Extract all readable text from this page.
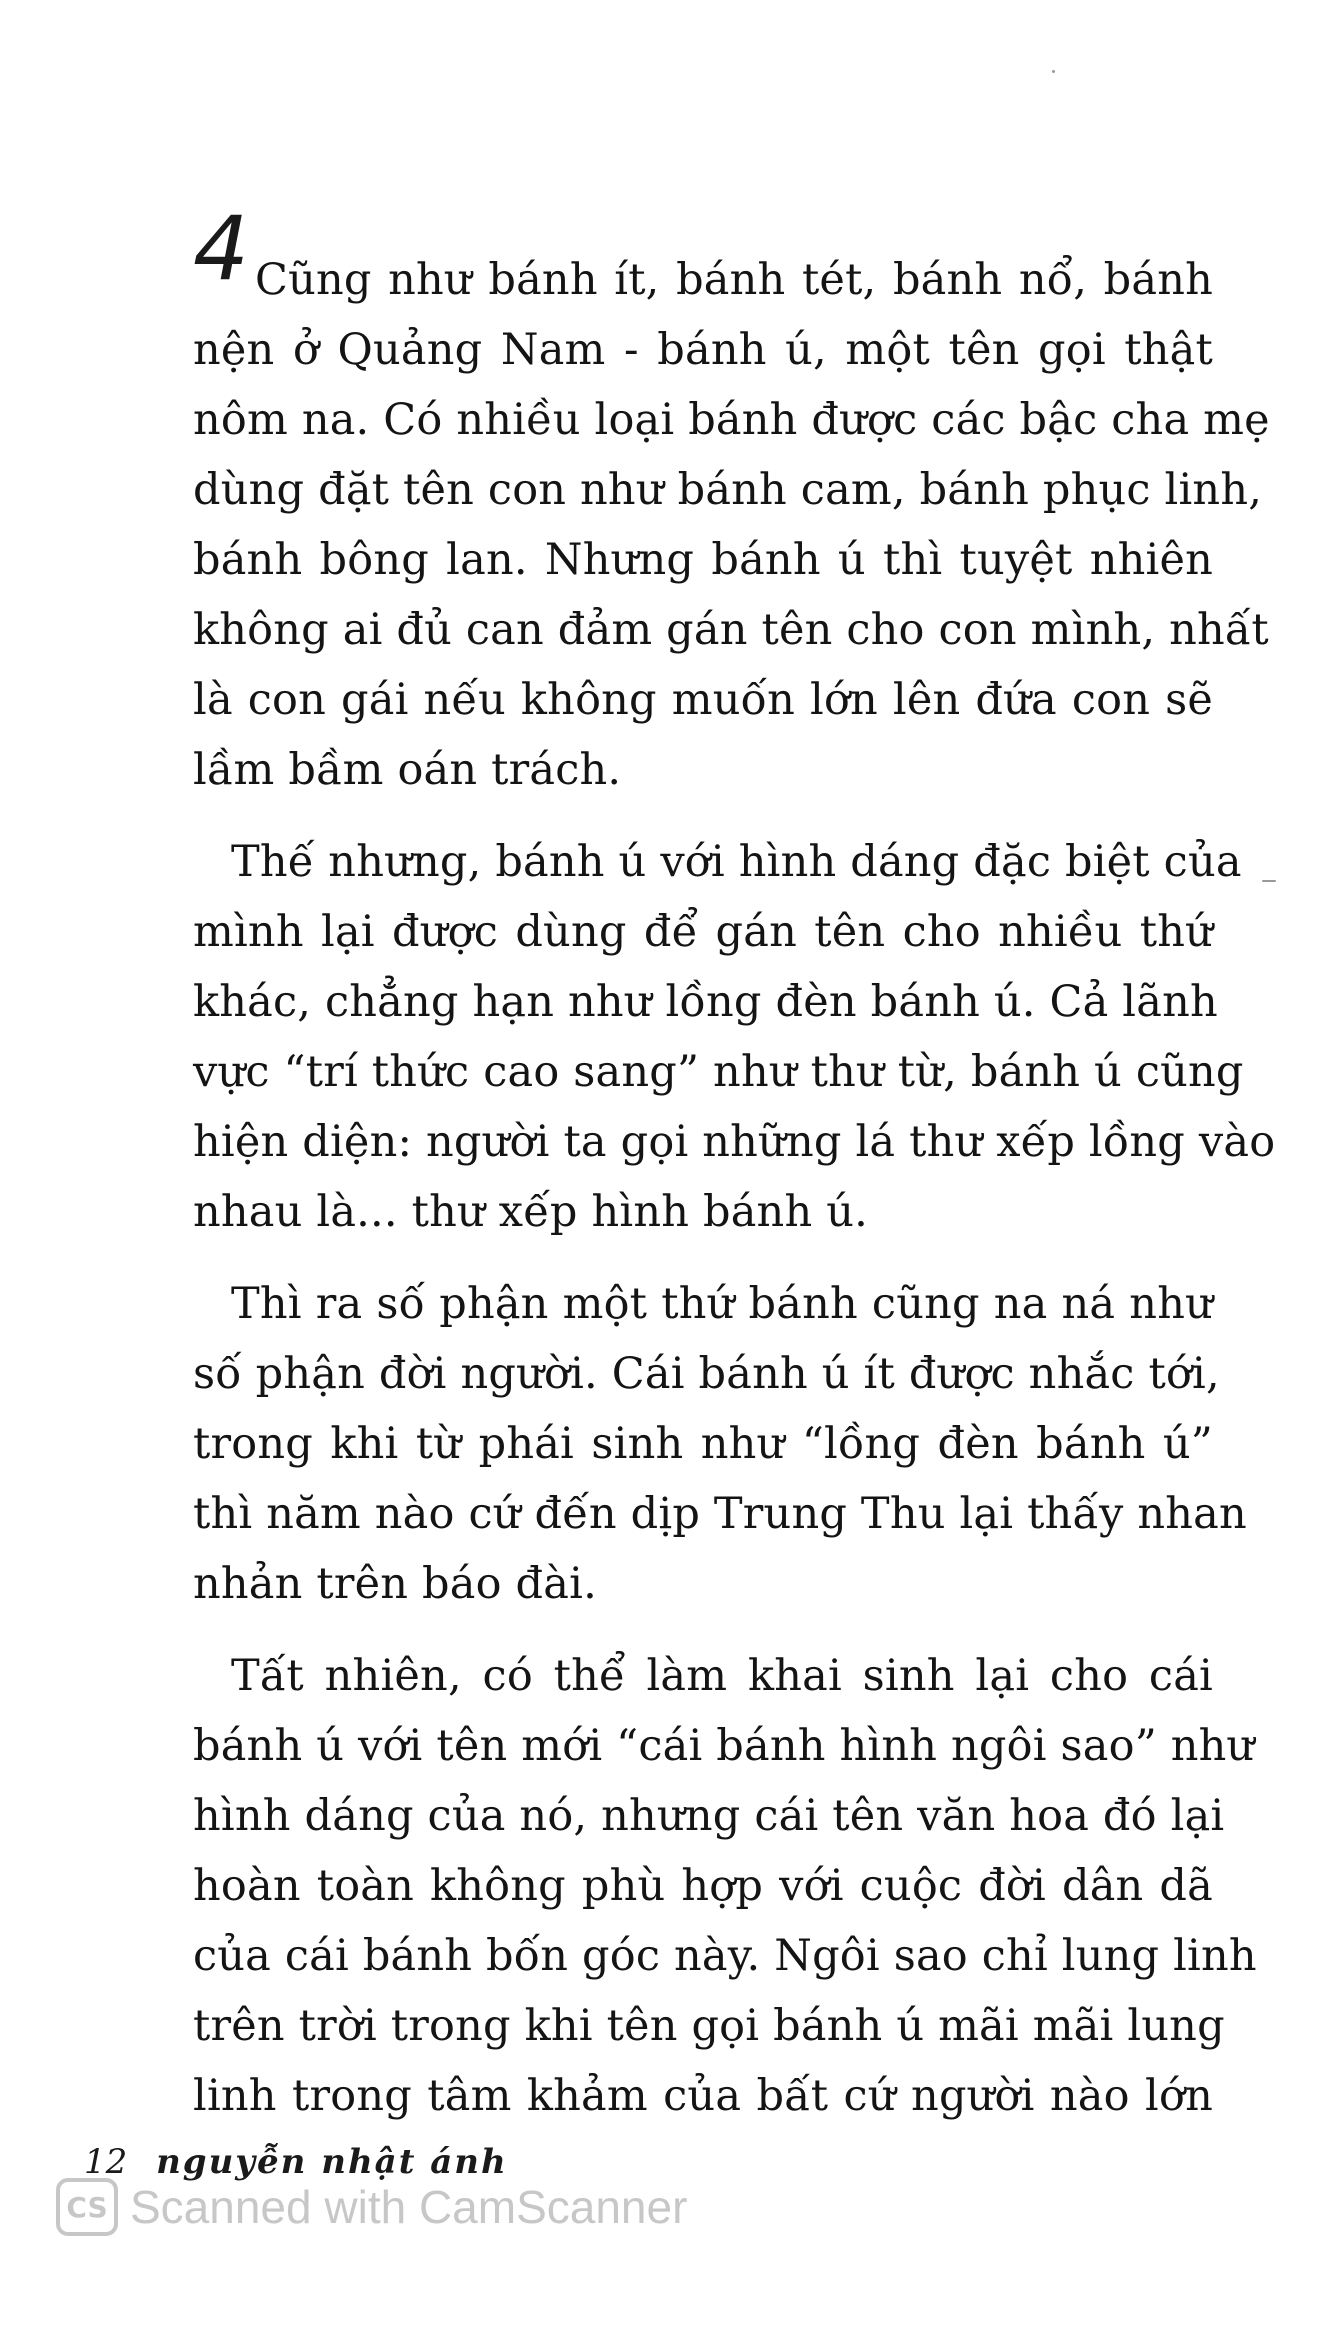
4 Cũng như bánh ít, bánh tét, bánh nổ, bánh
nện ở Quảng Nam - bánh ú, một tên gọi thật
nôm na. Có nhiều loại bánh được các bậc cha mẹ
dùng đặt tên con như bánh cam, bánh phục linh,
bánh bông lan. Nhưng bánh ú thì tuyệt nhiên
không ai đủ can đảm gán tên cho con mình, nhất
là con gái nếu không muốn lớn lên đứa con sẽ
lầm bầm oán trách.

Thế nhưng, bánh ú với hình dáng đặc biệt của
mình lại được dùng để gán tên cho nhiều thứ
khác, chẳng hạn như lồng đèn bánh ú. Cả lãnh
vực “trí thức cao sang” như thư từ, bánh ú cũng
hiện diện: người ta gọi những lá thư xếp lồng vào
nhau là... thư xếp hình bánh ú.

Thì ra số phận một thứ bánh cũng na ná như
số phận đời người. Cái bánh ú ít được nhắc tới,
trong khi từ phái sinh như “lồng đèn bánh ú”
thì năm nào cứ đến dịp Trung Thu lại thấy nhan
nhản trên báo đài.

Tất nhiên, có thể làm khai sinh lại cho cái
bánh ú với tên mới “cái bánh hình ngôi sao” như
hình dáng của nó, nhưng cái tên văn hoa đó lại
hoàn toàn không phù hợp với cuộc đời dân dã
của cái bánh bốn góc này. Ngôi sao chỉ lung linh
trên trời trong khi tên gọi bánh ú mãi mãi lung
linh trong tâm khảm của bất cứ người nào lớn

12 nguyễn nhật ánh
CS Scanned with CamScanner
